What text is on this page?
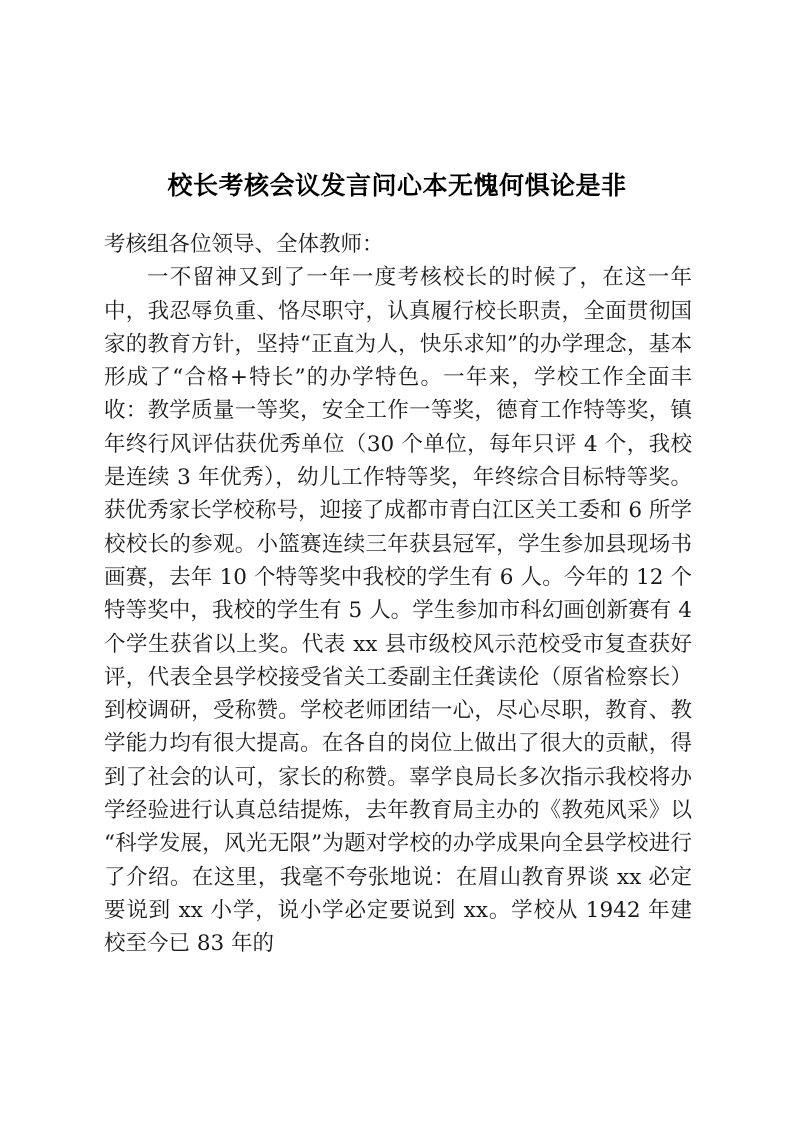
校长考核会议发言问心本无愧何惧论是非

考核组各位领导、全体教师：

一不留神又到了一年一度考核校长的时候了，在这一年中，我忍辱负重、恪尽职守，认真履行校长职责，全面贯彻国家的教育方针，坚持“正直为人，快乐求知”的办学理念，基本形成了“合格+特长”的办学特色。一年来，学校工作全面丰收：教学质量一等奖，安全工作一等奖，德育工作特等奖，镇年终行风评估获优秀单位（30 个单位，每年只评 4 个，我校是连续 3 年优秀），幼儿工作特等奖，年终综合目标特等奖。获优秀家长学校称号，迎接了成都市青白江区关工委和 6 所学校校长的参观。小篮赛连续三年获县冠军，学生参加县现场书画赛，去年 10 个特等奖中我校的学生有 6 人。今年的 12 个特等奖中，我校的学生有 5 人。学生参加市科幻画创新赛有 4 个学生获省以上奖。代表 xx 县市级校风示范校受市复查获好评，代表全县学校接受省关工委副主任龚读伦（原省检察长）到校调研，受称赞。学校老师团结一心，尽心尽职，教育、教学能力均有很大提高。在各自的岗位上做出了很大的贡献，得到了社会的认可，家长的称赞。辜学良局长多次指示我校将办学经验进行认真总结提炼，去年教育局主办的《教苑风采》以“科学发展，风光无限”为题对学校的办学成果向全县学校进行了介绍。在这里，我毫不夸张地说：在眉山教育界谈 xx 必定要说到 xx 小学，说小学必定要说到 xx。学校从 1942 年建校至今已 83 年的
